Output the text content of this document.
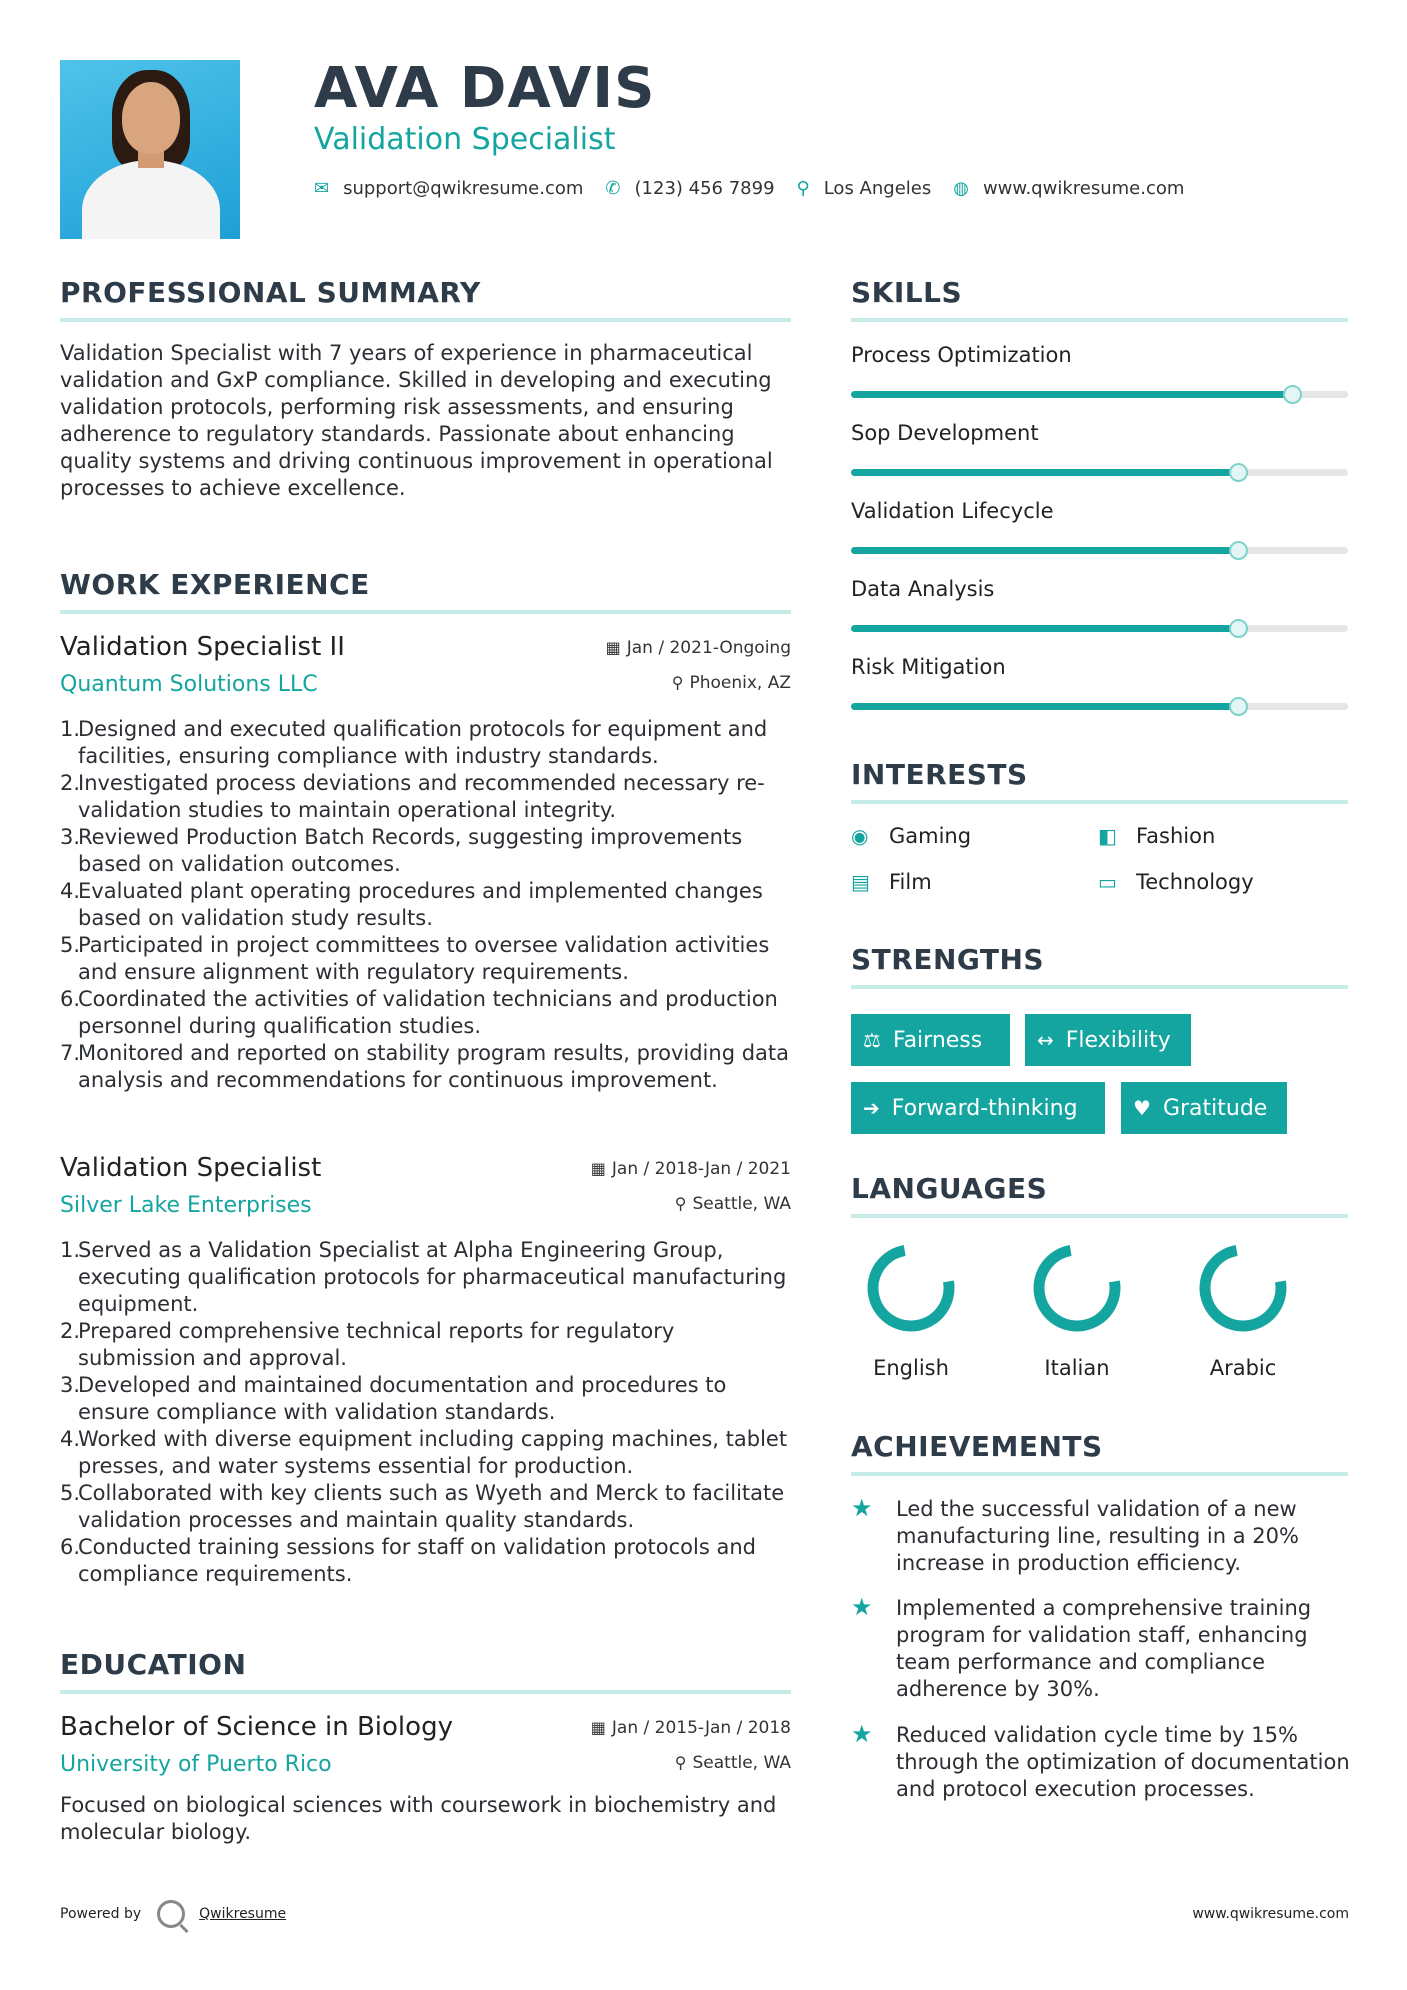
AVA DAVIS
Validation Specialist
✉ support@qwikresume.com ✆ (123) 456 7899 ⚲ Los Angeles ◍ www.qwikresume.com
PROFESSIONAL SUMMARY
Validation Specialist with 7 years of experience in pharmaceutical validation and GxP compliance. Skilled in developing and executing validation protocols, performing risk assessments, and ensuring adherence to regulatory standards. Passionate about enhancing quality systems and driving continuous improvement in operational processes to achieve excellence.
WORK EXPERIENCE
Validation Specialist II
Quantum Solutions LLC
▦ Jan / 2021-Ongoing
⚲ Phoenix, AZ
Designed and executed qualification protocols for equipment and facilities, ensuring compliance with industry standards.
Investigated process deviations and recommended necessary re-validation studies to maintain operational integrity.
Reviewed Production Batch Records, suggesting improvements based on validation outcomes.
Evaluated plant operating procedures and implemented changes based on validation study results.
Participated in project committees to oversee validation activities and ensure alignment with regulatory requirements.
Coordinated the activities of validation technicians and production personnel during qualification studies.
Monitored and reported on stability program results, providing data analysis and recommendations for continuous improvement.
Validation Specialist
Silver Lake Enterprises
▦ Jan / 2018-Jan / 2021
⚲ Seattle, WA
Served as a Validation Specialist at Alpha Engineering Group, executing qualification protocols for pharmaceutical manufacturing equipment.
Prepared comprehensive technical reports for regulatory submission and approval.
Developed and maintained documentation and procedures to ensure compliance with validation standards.
Worked with diverse equipment including capping machines, tablet presses, and water systems essential for production.
Collaborated with key clients such as Wyeth and Merck to facilitate validation processes and maintain quality standards.
Conducted training sessions for staff on validation protocols and compliance requirements.
EDUCATION
Bachelor of Science in Biology
University of Puerto Rico
▦ Jan / 2015-Jan / 2018
⚲ Seattle, WA
Focused on biological sciences with coursework in biochemistry and molecular biology.
SKILLS
Process Optimization
Sop Development
Validation Lifecycle
Data Analysis
Risk Mitigation
INTERESTS
◉ Gaming	◧ Fashion
▤ Film	▭ Technology
STRENGTHS
⚖ Fairness	↔ Flexibility
➔ Forward-thinking	♥ Gratitude
LANGUAGES
English	Italian	Arabic
ACHIEVEMENTS
★	Led the successful validation of a new manufacturing line, resulting in a 20% increase in production efficiency.
★	Implemented a comprehensive training program for validation staff, enhancing team performance and compliance adherence by 30%.
★	Reduced validation cycle time by 15% through the optimization of documentation and protocol execution processes.
Powered by	Qwikresume	www.qwikresume.com
